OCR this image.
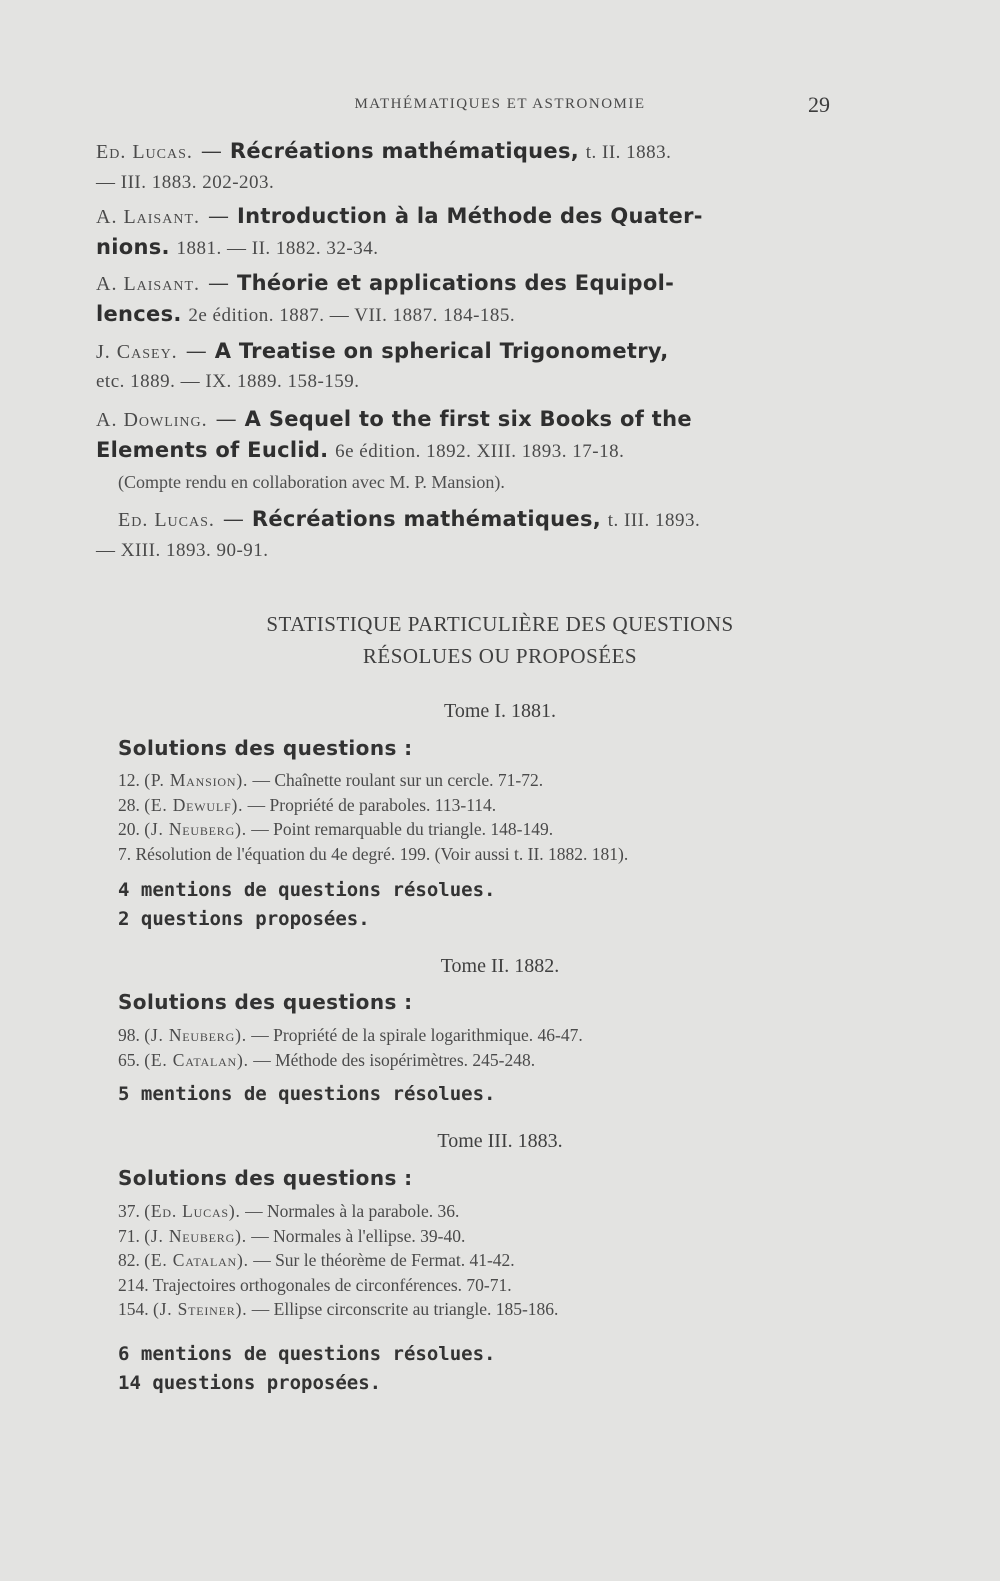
MATHÉMATIQUES ET ASTRONOMIE	29
Ed. Lucas. — Récréations mathématiques, t. II. 1883.
— III. 1883. 202-203.
A. Laisant. — Introduction à la Méthode des Quater-
nions. 1881. — II. 1882. 32-34.
A. Laisant. — Théorie et applications des Equipol-
lences. 2e édition. 1887. — VII. 1887. 184-185.
J. Casey. — A Treatise on spherical Trigonometry,
etc. 1889. — IX. 1889. 158-159.
A. Dowling. — A Sequel to the first six Books of the
Elements of Euclid. 6e édition. 1892. XIII. 1893. 17-18.
(Compte rendu en collaboration avec M. P. Mansion).
Ed. Lucas. — Récréations mathématiques, t. III. 1893.
— XIII. 1893. 90-91.
STATISTIQUE PARTICULIÈRE DES QUESTIONS
RÉSOLUES OU PROPOSÉES
Tome I. 1881.
Solutions des questions :
12. (P. Mansion). — Chaînette roulant sur un cercle. 71-72.
28. (E. Dewulf). — Propriété de paraboles. 113-114.
20. (J. Neuberg). — Point remarquable du triangle. 148-149.
7. Résolution de l'équation du 4e degré. 199. (Voir aussi t. II. 1882. 181).
4 mentions de questions résolues.
2 questions proposées.
Tome II. 1882.
Solutions des questions :
98. (J. Neuberg). — Propriété de la spirale logarithmique. 46-47.
65. (E. Catalan). — Méthode des isopérimètres. 245-248.
5 mentions de questions résolues.
Tome III. 1883.
Solutions des questions :
37. (Ed. Lucas). — Normales à la parabole. 36.
71. (J. Neuberg). — Normales à l'ellipse. 39-40.
82. (E. Catalan). — Sur le théorème de Fermat. 41-42.
214. Trajectoires orthogonales de circonférences. 70-71.
154. (J. Steiner). — Ellipse circonscrite au triangle. 185-186.
6 mentions de questions résolues.
14 questions proposées.
